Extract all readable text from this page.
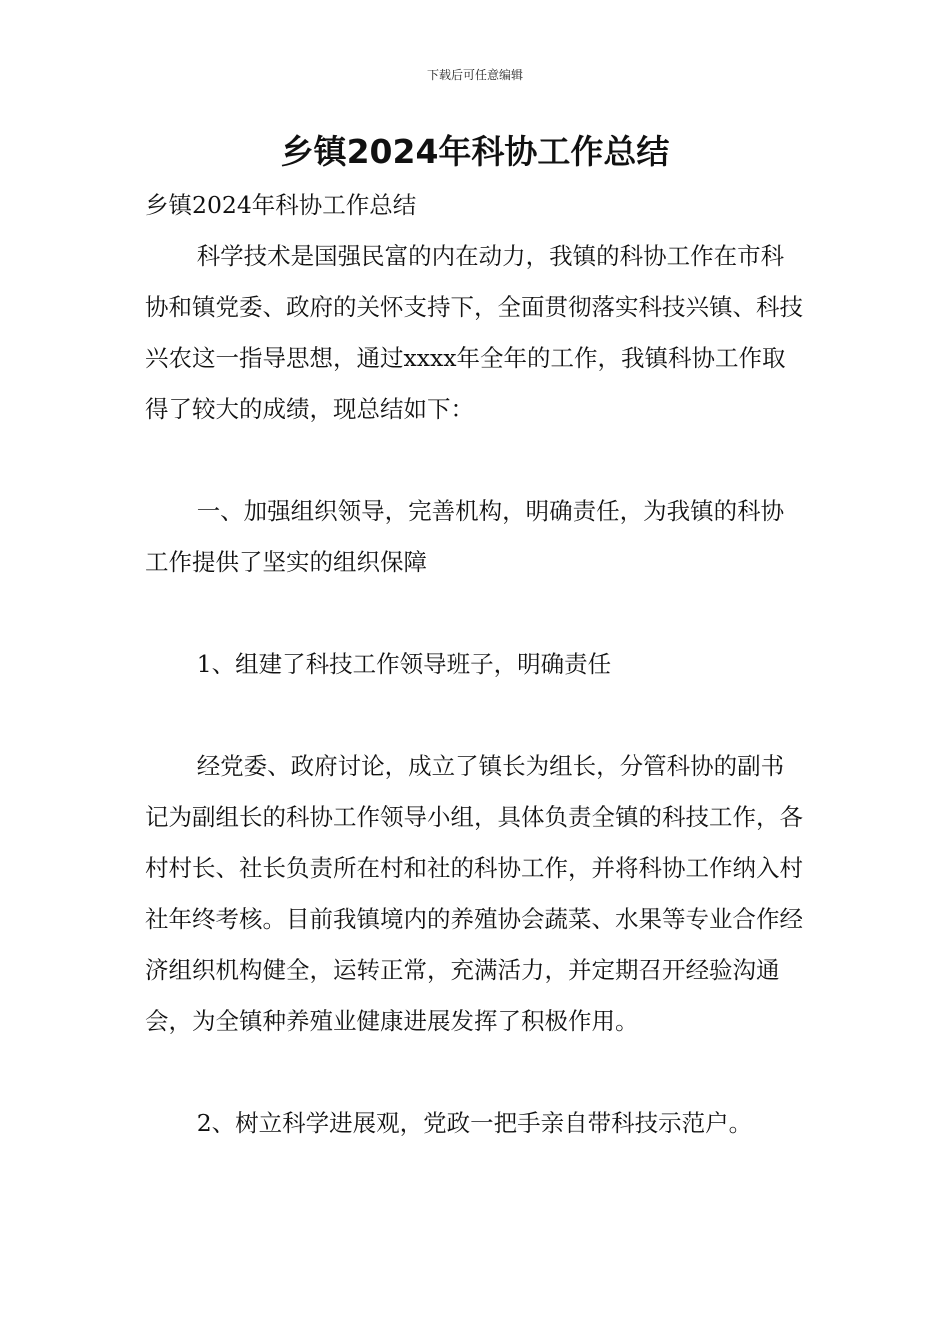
下载后可任意编辑
乡镇2024年科协工作总结

乡镇2024年科协工作总结

科学技术是国强民富的内在动力，我镇的科协工作在市科协和镇党委、政府的关怀支持下，全面贯彻落实科技兴镇、科技兴农这一指导思想，通过xxxx年全年的工作，我镇科协工作取得了较大的成绩，现总结如下：

一、加强组织领导，完善机构，明确责任，为我镇的科协工作提供了坚实的组织保障

1、组建了科技工作领导班子，明确责任

经党委、政府讨论，成立了镇长为组长，分管科协的副书记为副组长的科协工作领导小组，具体负责全镇的科技工作，各村村长、社长负责所在村和社的科协工作，并将科协工作纳入村社年终考核。目前我镇境内的养殖协会蔬菜、水果等专业合作经济组织机构健全，运转正常，充满活力，并定期召开经验沟通会，为全镇种养殖业健康进展发挥了积极作用。

2、树立科学进展观，党政一把手亲自带科技示范户。
